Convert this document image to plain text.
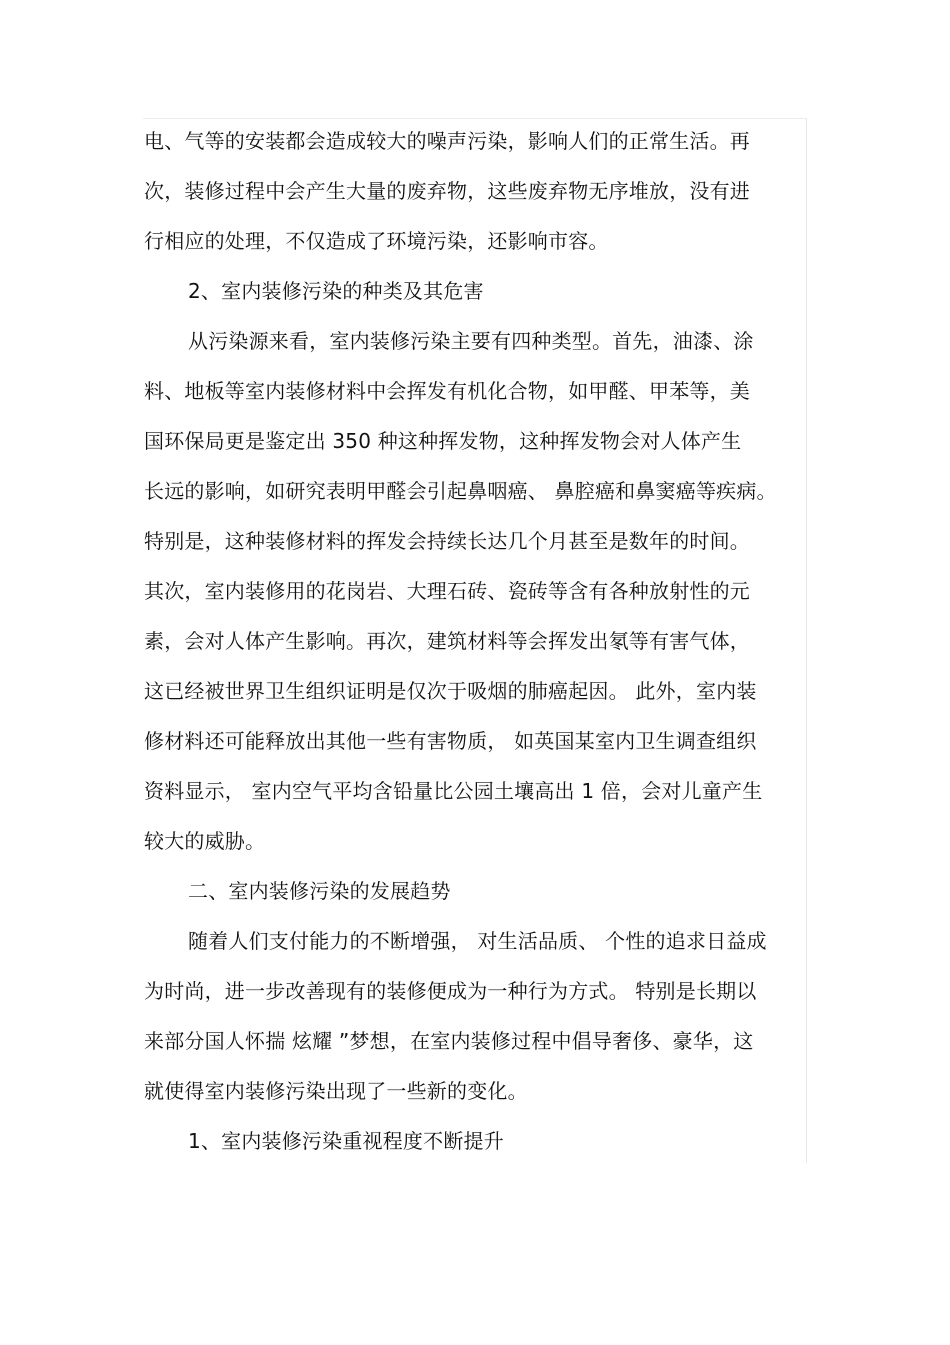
电、气等的安装都会造成较大的噪声污染，影响人们的正常生活。再
次，装修过程中会产生大量的废弃物，这些废弃物无序堆放，没有进
行相应的处理，不仅造成了环境污染，还影响市容。
2、室内装修污染的种类及其危害
从污染源来看，室内装修污染主要有四种类型。首先，油漆、涂
料、地板等室内装修材料中会挥发有机化合物，如甲醛、甲苯等，美
国环保局更是鉴定出 350 种这种挥发物，这种挥发物会对人体产生
长远的影响，如研究表明甲醛会引起鼻咽癌、 鼻腔癌和鼻窦癌等疾病。
特别是，这种装修材料的挥发会持续长达几个月甚至是数年的时间。
其次，室内装修用的花岗岩、大理石砖、瓷砖等含有各种放射性的元
素，会对人体产生影响。再次，建筑材料等会挥发出氡等有害气体，
这已经被世界卫生组织证明是仅次于吸烟的肺癌起因。 此外，室内装
修材料还可能释放出其他一些有害物质， 如英国某室内卫生调查组织
资料显示， 室内空气平均含铅量比公园土壤高出 1 倍，会对儿童产生
较大的威胁。
二、室内装修污染的发展趋势
随着人们支付能力的不断增强， 对生活品质、 个性的追求日益成
为时尚，进一步改善现有的装修便成为一种行为方式。 特别是长期以
来部分国人怀揣 炫耀 ”梦想，在室内装修过程中倡导奢侈、豪华，这
就使得室内装修污染出现了一些新的变化。
1、室内装修污染重视程度不断提升
